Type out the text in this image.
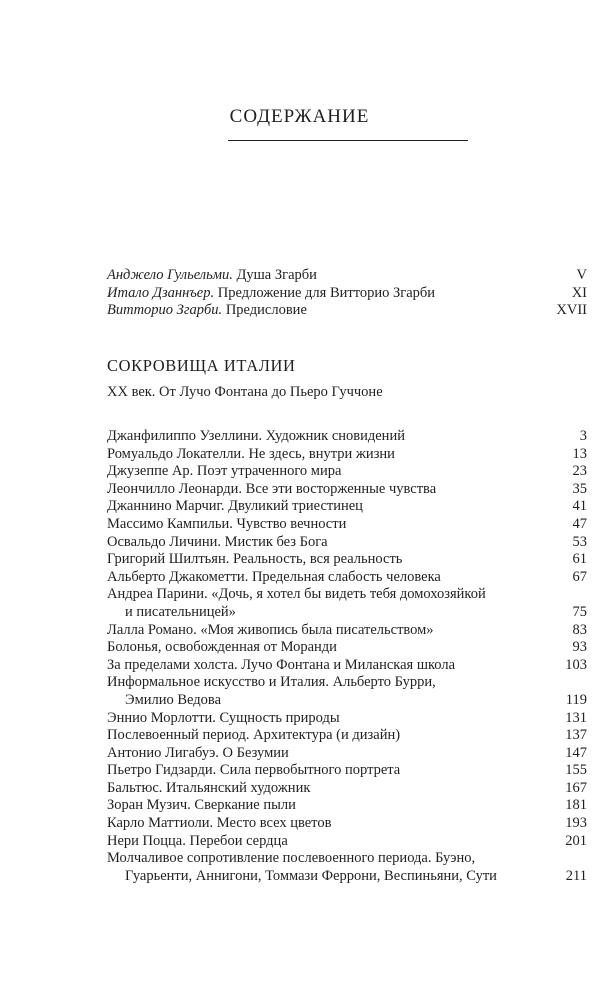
СОДЕРЖАНИЕ
Анджело Гульельми. Душа Згарби	V
Итало Дзаннъер. Предложение для Витторио Згарби	XI
Витторио Згарби. Предисловие	XVII
СОКРОВИЩА ИТАЛИИ

XX век. От Лучо Фонтана до Пьеро Гуччоне

Джанфилиппо Узеллини. Художник сновидений	3
Ромуальдо Локателли. Не здесь, внутри жизни	13
Джузеппе Ар. Поэт утраченного мира	23
Леончилло Леонарди. Все эти восторженные чувства	35
Джаннино Марчиг. Двуликий триестинец	41
Массимо Кампильи. Чувство вечности	47
Освальдо Личини. Мистик без Бога	53
Григорий Шилтьян. Реальность, вся реальность	61
Альберто Джакометти. Предельная слабость человека	67
Андреа Парини. «Дочь, я хотел бы видеть тебя домохозяйкой
и писательницей»	75
Лалла Романо. «Моя живопись была писательством»	83
Болонья, освобожденная от Моранди	93
За пределами холста. Лучо Фонтана и Миланская школа	103
Информальное искусство и Италия. Альберто Бурри,
Эмилио Ведова	119
Эннио Морлотти. Сущность природы	131
Послевоенный период. Архитектура (и дизайн)	137
Антонио Лигабуэ. О Безумии	147
Пьетро Гидзарди. Сила первобытного портрета	155
Бальтюс. Итальянский художник	167
Зоран Музич. Сверкание пыли	181
Карло Маттиоли. Место всех цветов	193
Нери Поцца. Перебои сердца	201
Молчаливое сопротивление послевоенного периода. Буэно,
Гуарьенти, Аннигони, Томмази Феррони, Веспиньяни, Сути	211
